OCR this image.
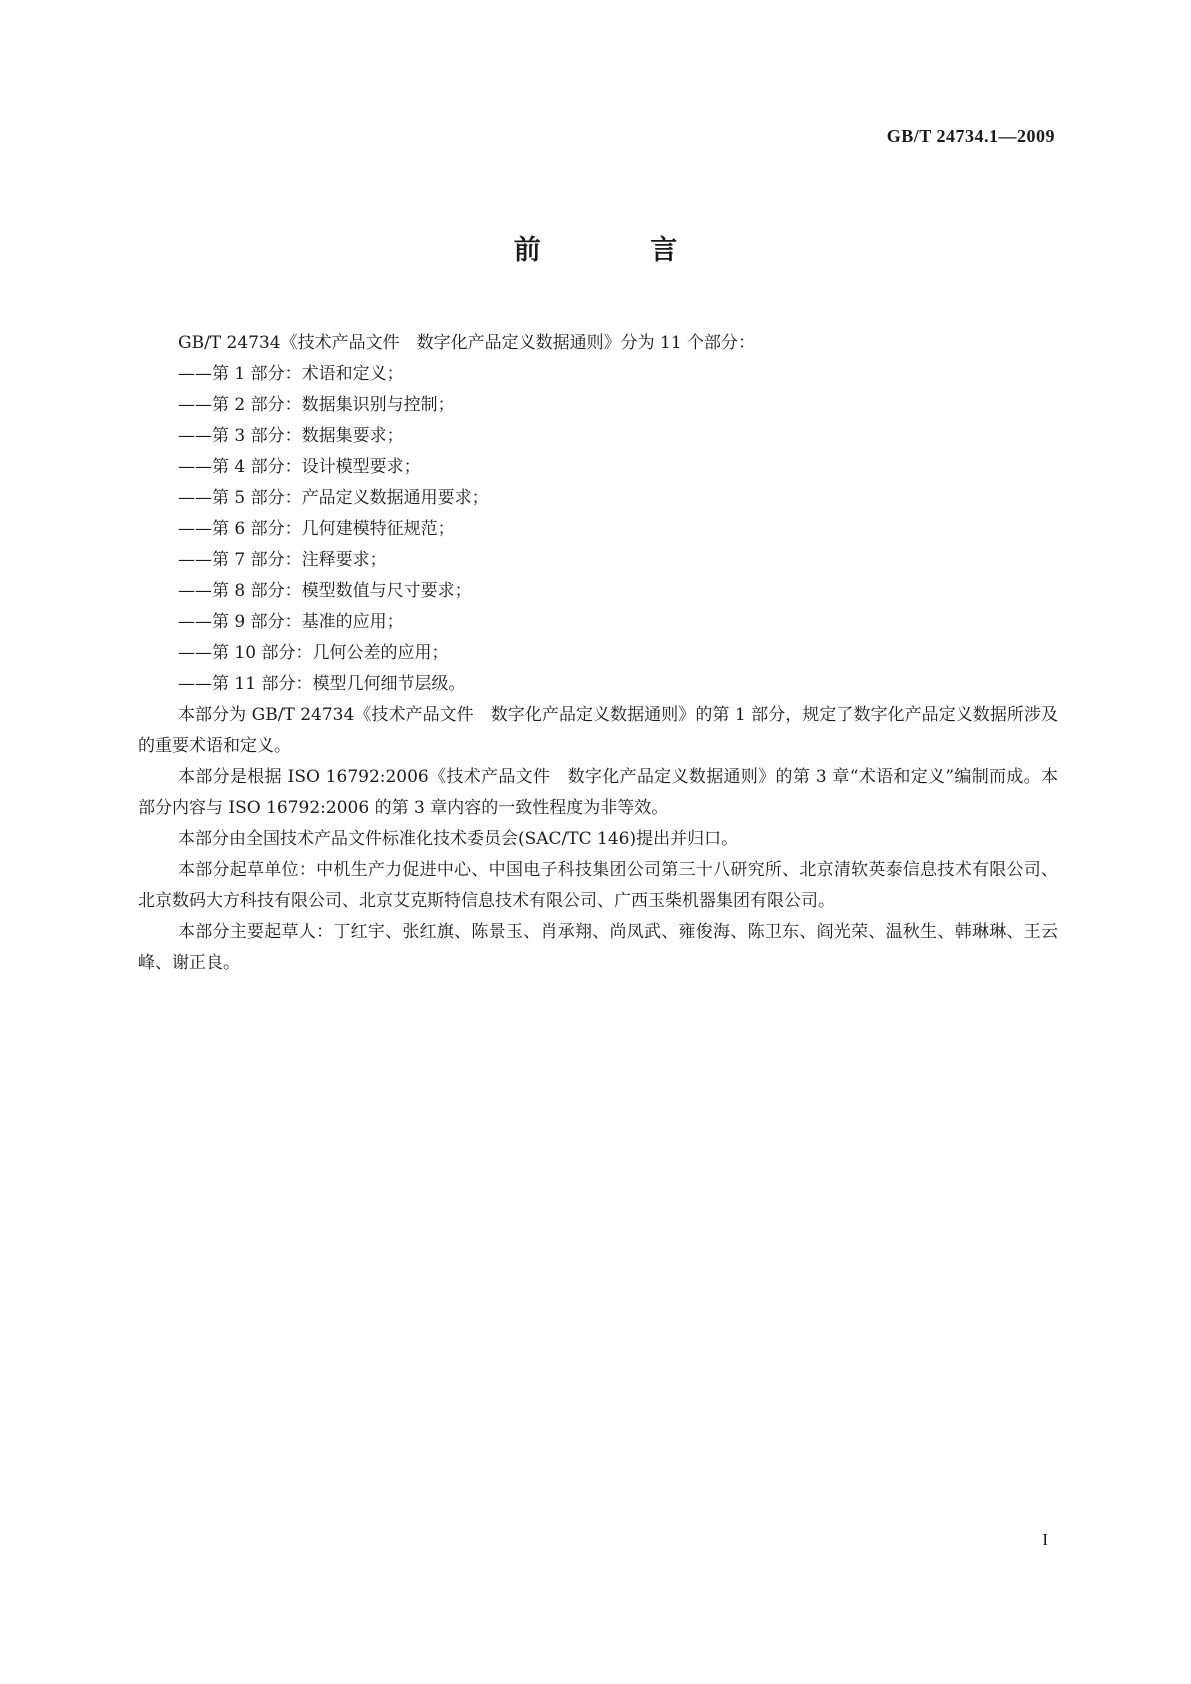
GB/T 24734.1—2009
前 言

GB/T 24734《技术产品文件　数字化产品定义数据通则》分为 11 个部分：

——第 1 部分：术语和定义；
——第 2 部分：数据集识别与控制；
——第 3 部分：数据集要求；
——第 4 部分：设计模型要求；
——第 5 部分：产品定义数据通用要求；
——第 6 部分：几何建模特征规范；
——第 7 部分：注释要求；
——第 8 部分：模型数值与尺寸要求；
——第 9 部分：基准的应用；
——第 10 部分：几何公差的应用；
——第 11 部分：模型几何细节层级。

本部分为 GB/T 24734《技术产品文件　数字化产品定义数据通则》的第 1 部分，规定了数字化产品定义数据所涉及的重要术语和定义。

本部分是根据 ISO 16792:2006《技术产品文件　数字化产品定义数据通则》的第 3 章“术语和定义”编制而成。本部分内容与 ISO 16792:2006 的第 3 章内容的一致性程度为非等效。

本部分由全国技术产品文件标准化技术委员会(SAC/TC 146)提出并归口。

本部分起草单位：中机生产力促进中心、中国电子科技集团公司第三十八研究所、北京清软英泰信息技术有限公司、北京数码大方科技有限公司、北京艾克斯特信息技术有限公司、广西玉柴机器集团有限公司。

本部分主要起草人：丁红宇、张红旗、陈景玉、肖承翔、尚凤武、雍俊海、陈卫东、阎光荣、温秋生、韩琳琳、王云峰、谢正良。

I
